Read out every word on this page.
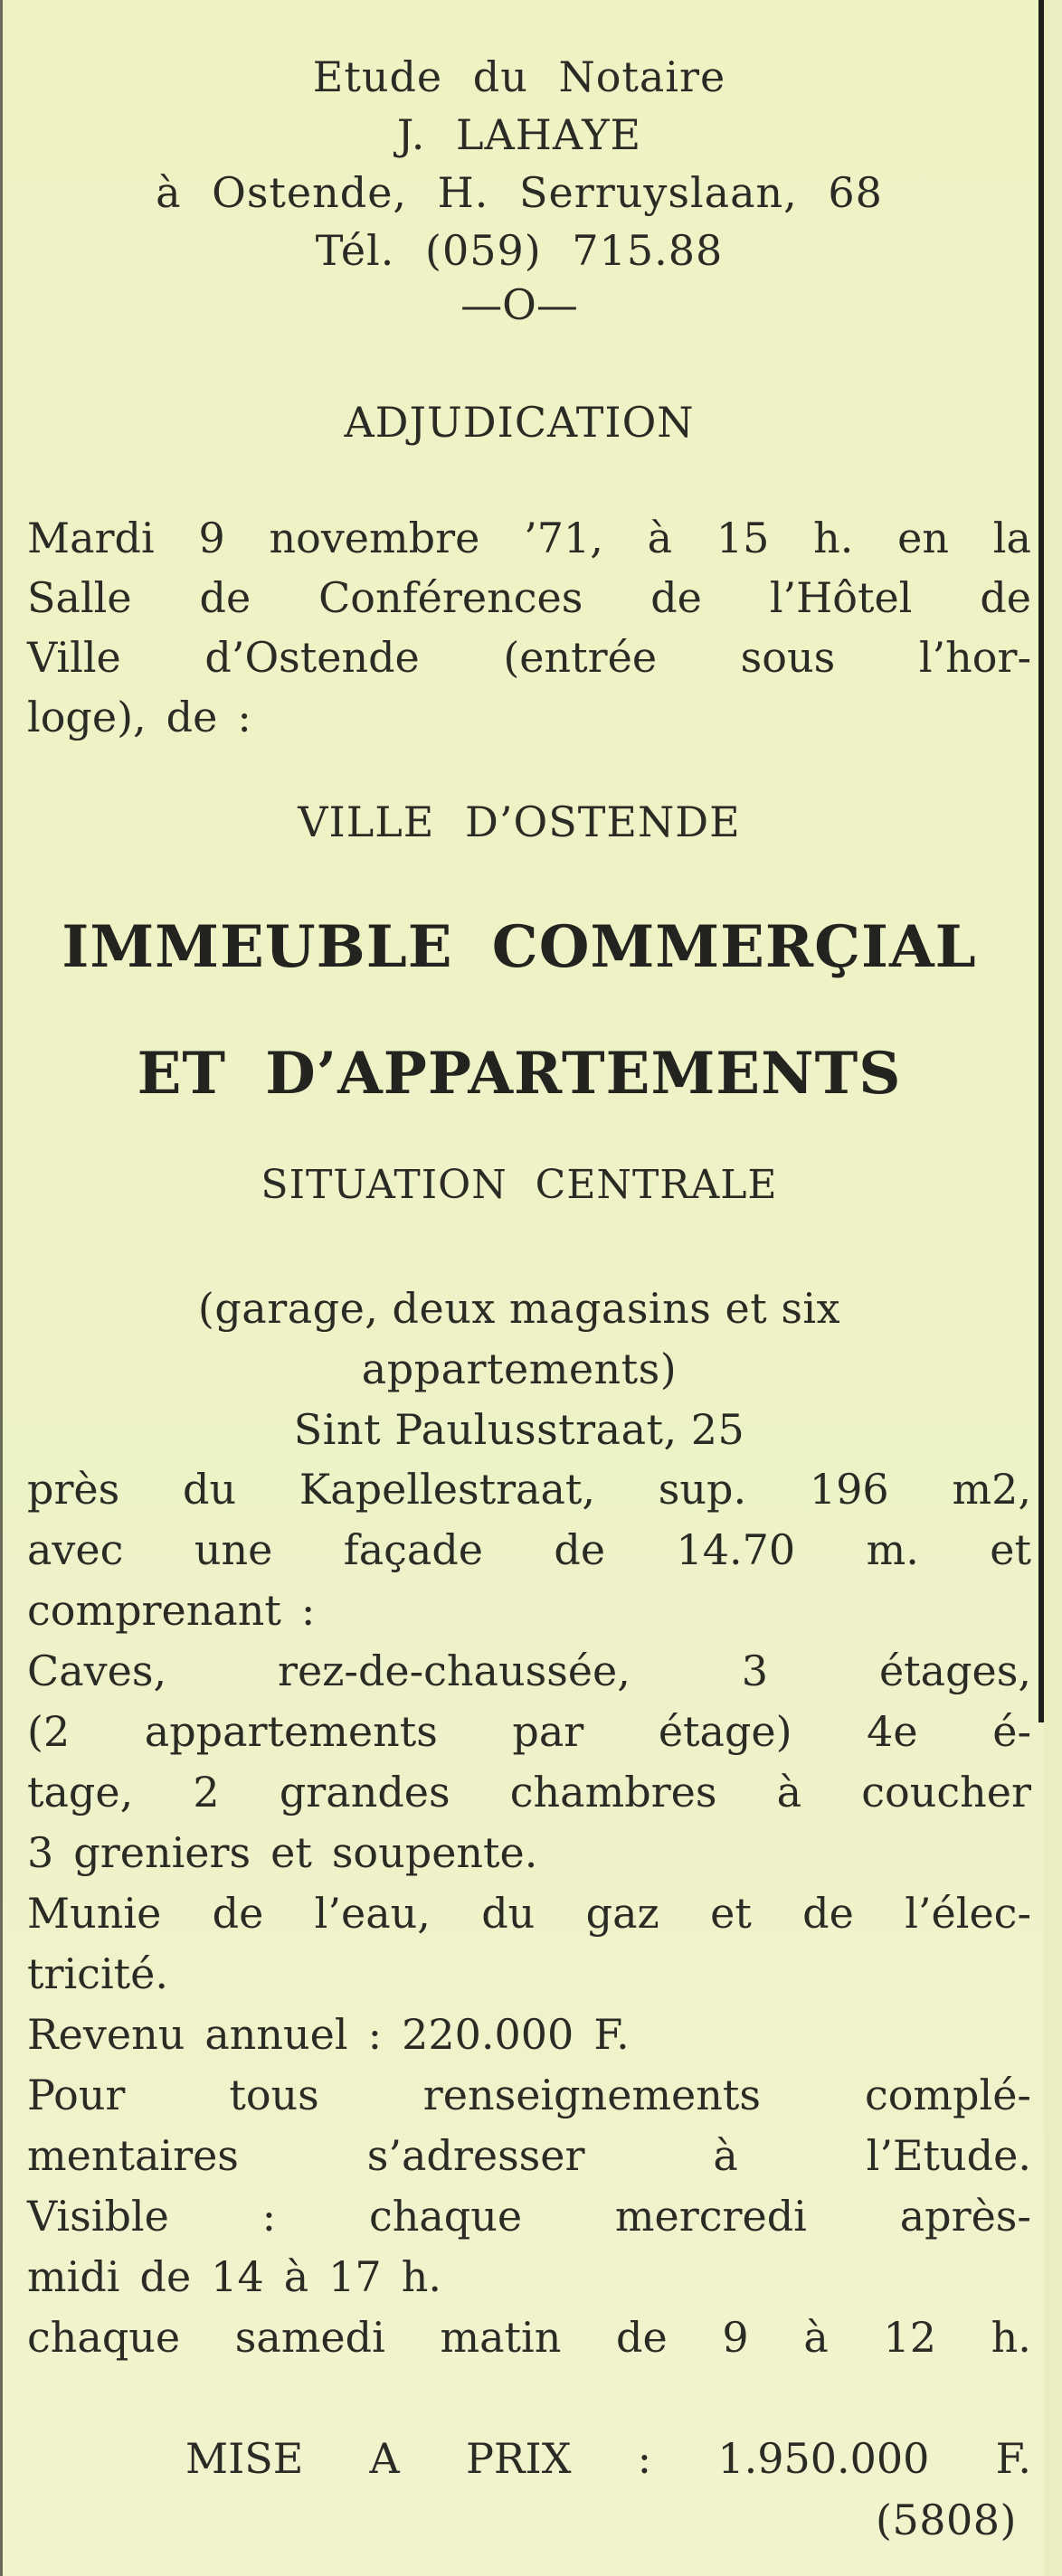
Etude du Notaire
J. LAHAYE
à Ostende, H. Serruyslaan, 68
Tél. (059) 715.88
—O—
ADJUDICATION
Mardi 9 novembre ’71, à 15 h. en la
Salle de Conférences de l’Hôtel de
Ville d’Ostende (entrée sous l’hor-
loge), de :
VILLE D’OSTENDE
IMMEUBLE COMMERÇIAL
ET D’APPARTEMENTS
SITUATION CENTRALE
(garage, deux magasins et six
appartements)
Sint Paulusstraat, 25
près du Kapellestraat, sup. 196 m2,
avec une façade de 14.70 m. et
comprenant :
Caves,	rez-de-chaussée,	3	étages,
(2 appartements par étage) 4e é-
tage, 2 grandes chambres à coucher
3 greniers et soupente.
Munie de l’eau, du gaz et de l’élec-
tricité.
Revenu annuel : 220.000 F.
Pour tous renseignements complé-
mentaires	s’adresser	à	l’Etude.
Visible : chaque mercredi après-
midi de 14 à 17 h.
chaque samedi matin de 9 à 12 h.
MISE A PRIX : 1.950.000 F.
(5808)
